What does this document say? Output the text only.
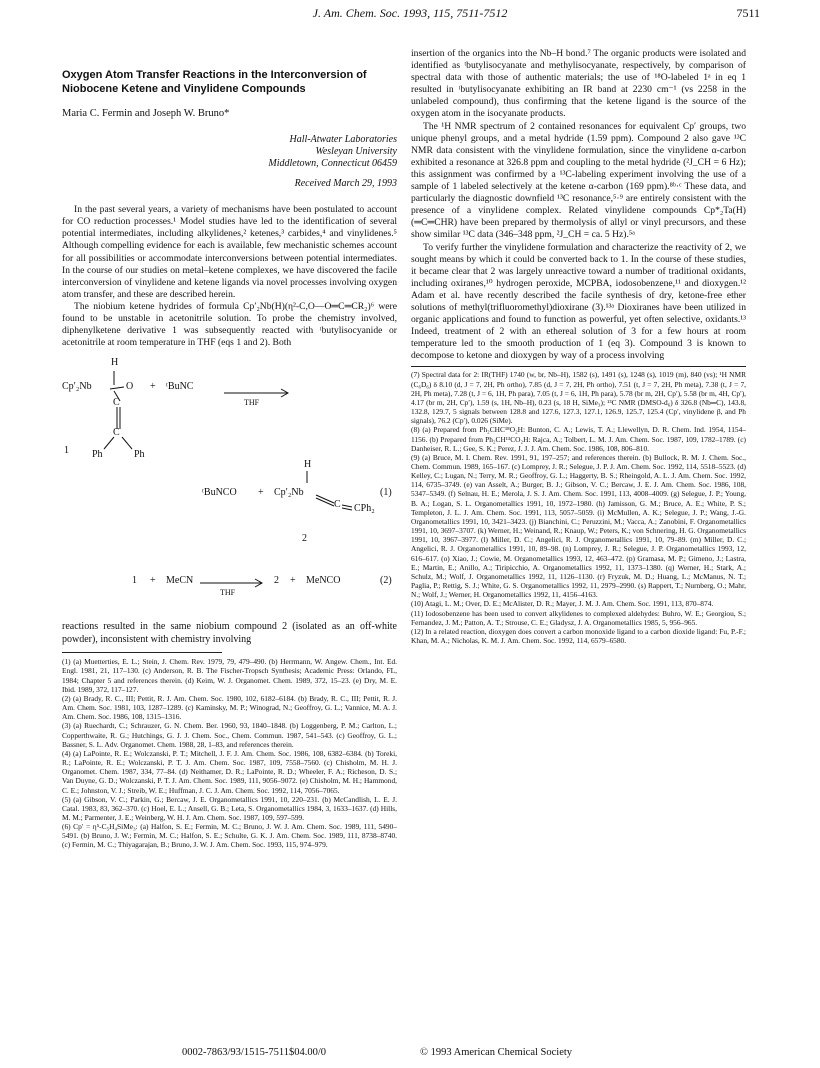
J. Am. Chem. Soc. 1993, 115, 7511-7512	7511
Oxygen Atom Transfer Reactions in the Interconversion of Niobocene Ketene and Vinylidene Compounds
Maria C. Fermin and Joseph W. Bruno*
Hall-Atwater Laboratories
Wesleyan University
Middletown, Connecticut 06459
Received March 29, 1993

In the past several years, a variety of mechanisms have been postulated to account for CO reduction processes.¹ Model studies have led to the identification of several potential intermediates, including alkylidenes,² ketenes,³ carbides,⁴ and vinylidenes.⁵ Although compelling evidence for each is available, few mechanistic schemes account for all possibilities or accommodate interconversions between potential intermediates. In the course of our studies on metal–ketene complexes, we have discovered the facile interconversion of vinylidene and ketene ligands via novel processes involving oxygen atom transfer, and these are described herein.

The niobium ketene hydrides of formula Cp′₂Nb(H)(η²-C,O—O═C═CR₂)⁶ were found to be unstable in acetonitrile solution. To probe the chemistry involved, diphenylketene derivative 1 was subsequently reacted with ᵗbutylisocyanide or acetonitrile at room temperature in THF (eqs 1 and 2). Both

H
Cp′₂Nb	O + ᵗBuNC
THF
C
C
1 Ph	Ph
H
ᵗBuNCO + Cp′₂Nb
C CPh₂
(1)
2
1 + MeCN
THF
2 + MeNCO	(2)

reactions resulted in the same niobium compound 2 (isolated as an off-white powder), inconsistent with chemistry involving

(1) (a) Muetterties, E. L.; Stein, J. Chem. Rev. 1979, 79, 479–490. (b) Herrmann, W. Angew. Chem., Int. Ed. Engl. 1981, 21, 117–130. (c) Anderson, R. B. The Fischer-Tropsch Synthesis; Academic Press: Orlando, FL, 1984; Chapter 5 and references therein. (d) Keim, W. J. Organomet. Chem. 1989, 372, 15–23. (e) Dry, M. E. Ibid. 1989, 372, 117–127.
(2) (a) Brady, R. C., III; Pettit, R. J. Am. Chem. Soc. 1980, 102, 6182–6184. (b) Brady, R. C., III; Pettit, R. J. Am. Chem. Soc. 1981, 103, 1287–1289. (c) Kaminsky, M. P.; Winograd, N.; Geoffroy, G. L.; Vannice, M. A. J. Am. Chem. Soc. 1986, 108, 1315–1316.
(3) (a) Ruechardt, C.; Schrauzer, G. N. Chem. Ber. 1960, 93, 1840–1848. (b) Loggenberg, P. M.; Carlton, L.; Copperthwaite, R. G.; Hutchings, G. J. J. Chem. Soc., Chem. Commun. 1987, 541–543. (c) Geoffroy, G. L.; Bassner, S. L. Adv. Organomet. Chem. 1988, 28, 1–83, and references therein.
(4) (a) LaPointe, R. E.; Wolczanski, P. T.; Mitchell, J. F. J. Am. Chem. Soc. 1986, 108, 6382–6384. (b) Toreki, R.; LaPointe, R. E.; Wolczanski, P. T. J. Am. Chem. Soc. 1987, 109, 7558–7560. (c) Chisholm, M. H. J. Organomet. Chem. 1987, 334, 77–84. (d) Neithamer, D. R.; LaPointe, R. D.; Wheeler, F. A.; Richeson, D. S.; Van Duyne, G. D.; Wolczanski, P. T. J. Am. Chem. Soc. 1989, 111, 9056–9072. (e) Chisholm, M. H.; Hammond, C. E.; Johnston, V. J.; Streib, W. E.; Huffman, J. C. J. Am. Chem. Soc. 1992, 114, 7056–7065.
(5) (a) Gibson, V. C.; Parkin, G.; Bercaw, J. E. Organometallics 1991, 10, 220–231. (b) McCandlish, L. E. J. Catal. 1983, 83, 362–370. (c) Hoel, E. L.; Ansell, G. B.; Leta, S. Organometallics 1984, 3, 1633–1637. (d) Hills, M. M.; Parmenter, J. E.; Weinberg, W. H. J. Am. Chem. Soc. 1987, 109, 597–599.
(6) Cp′ = η⁵-C₅H₄SiMe₃: (a) Halfon, S. E.; Fermin, M. C.; Bruno, J. W. J. Am. Chem. Soc. 1989, 111, 5490–5491. (b) Bruno, J. W.; Fermin, M. C.; Halfon, S. E.; Schulte, G. K. J. Am. Chem. Soc. 1989, 111, 8738–8740. (c) Fermin, M. C.; Thiyagarajan, B.; Bruno, J. W. J. Am. Chem. Soc. 1993, 115, 974–979.

insertion of the organics into the Nb–H bond.⁷ The organic products were isolated and identified as ᵗbutylisocyanate and methylisocyanate, respectively, by comparison of spectral data with those of authentic materials; the use of ¹⁸O-labeled 1ᵃ in eq 1 resulted in ᵗbutylisocyanate exhibiting an IR band at 2230 cm⁻¹ (vs 2258 in the unlabeled compound), thus confirming that the ketene ligand is the source of the oxygen atom in the isocyanate products.

The ¹H NMR spectrum of 2 contained resonances for equivalent Cp′ groups, two unique phenyl groups, and a metal hydride (1.59 ppm). Compound 2 also gave ¹³C NMR data consistent with the vinylidene formulation, since the vinylidene α-carbon exhibited a resonance at 326.8 ppm and coupling to the metal hydride (²J_CH = 6 Hz); this assignment was confirmed by a ¹³C-labeling experiment involving the use of a sample of 1 labeled selectively at the ketene α-carbon (169 ppm).⁸ᵇ·ᶜ These data, and particularly the diagnostic downfield ¹³C resonance,⁵·⁹ are entirely consistent with the presence of a vinylidene complex. Related vinylidene compounds Cp*₂Ta(H)(═C═CHR) have been prepared by thermolysis of allyl or vinyl precursors, and these show similar ¹³C data (346–348 ppm, ²J_CH = ca. 5 Hz).⁵ᵃ

To verify further the vinylidene formulation and characterize the reactivity of 2, we sought means by which it could be converted back to 1. In the course of these studies, it became clear that 2 was largely unreactive toward a number of traditional oxidants, including oxiranes,¹⁰ hydrogen peroxide, MCPBA, iodosobenzene,¹¹ and dioxygen.¹² Adam et al. have recently described the facile synthesis of dry, ketone-free ether solutions of methyl(trifluoromethyl)dioxirane (3).¹³ᵃ Dioxiranes have been utilized in organic applications and found to function as powerful, yet often selective, oxidants.¹³ Indeed, treatment of 2 with an ethereal solution of 3 for a few hours at room temperature led to the smooth production of 1 (eq 3). Compound 3 is known to decompose to ketone and dioxygen by way of a process involving

(7) Spectral data for 2: IR(THF) 1740 (w, br, Nb–H), 1582 (s), 1491 (s), 1248 (s), 1019 (m), 840 (vs); ¹H NMR (C₆D₆) δ 8.10 (d, J = 7, 2H, Ph ortho), 7.85 (d, J = 7, 2H, Ph ortho), 7.51 (t, J = 7, 2H, Ph meta), 7.38 (t, J = 7, 2H, Ph meta), 7.28 (t, J = 6, 1H, Ph para), 7.05 (t, J = 6, 1H, Ph para), 5.78 (br m, 2H, Cp′), 5.58 (br m, 4H, Cp′), 4.17 (br m, 2H, Cp′), 1.59 (s, 1H, Nb–H), 0.23 (s, 18 H, SiMe₃); ¹³C NMR (DMSO-d₆) δ 326.8 (Nb═C), 143.8, 132.8, 129.7, 5 signals between 128.8 and 127.6, 127.3, 127.1, 126.9, 125.7, 125.4 (Cp′, vinylidene β, and Ph signals), 76.2 (Cp′), 0.026 (SiMe).
(8) (a) Prepared from Ph₂CHC¹⁸O₂H: Bunton, C. A.; Lewis, T. A.; Llewellyn, D. R. Chem. Ind. 1954, 1154–1156. (b) Prepared from Ph₂CH¹³CO₂H: Rajca, A.; Tolbert, L. M. J. Am. Chem. Soc. 1987, 109, 1782–1789. (c) Danheiser, R. L.; Gee, S. K.; Perez, J. J. J. Am. Chem. Soc. 1986, 108, 806–810.
(9) (a) Bruce, M. I. Chem. Rev. 1991, 91, 197–257; and references therein. (b) Bullock, R. M. J. Chem. Soc., Chem. Commun. 1989, 165–167. (c) Lomprey, J. R.; Selegue, J. P. J. Am. Chem. Soc. 1992, 114, 5518–5523. (d) Kelley, C.; Lugan, N.; Terry, M. R.; Geoffroy, G. L.; Haggerty, B. S.; Rheingold, A. L. J. Am. Chem. Soc. 1992, 114, 6735–3749. (e) van Asselt, A.; Burger, B. J.; Gibson, V. C.; Bercaw, J. E. J. Am. Chem. Soc. 1986, 108, 5347–5349. (f) Selnau, H. E.; Merola, J. S. J. Am. Chem. Soc. 1991, 113, 4008–4009. (g) Selegue, J. P.; Young, B. A.; Logan, S. L. Organometallics 1991, 10, 1972–1980. (h) Jamisson, G. M.; Bruce, A. E.; White, P. S.; Templeton, J. L. J. Am. Chem. Soc. 1991, 113, 5057–5059. (i) McMullen, A. K.; Selegue, J. P.; Wang, J.-G. Organometallics 1991, 10, 3421–3423. (j) Bianchini, C.; Peruzzini, M.; Vacca, A.; Zanobini, F. Organometallics 1991, 10, 3697–3707. (k) Werner, H.; Weinand, R.; Knaup, W.; Peters, K.; von Schnering, H. G. Organometallics 1991, 10, 3967–3977. (l) Miller, D. C.; Angelici, R. J. Organometallics 1991, 10, 79–89. (m) Miller, D. C.; Angelici, R. J. Organometallics 1991, 10, 89–98. (n) Lomprey, J. R.; Selegue, J. P. Organometallics 1993, 12, 616–617. (o) Xiao, J.; Cowie, M. Organometallics 1993, 12, 463–472. (p) Gramasa, M. P.; Gimeno, J.; Lastra, E.; Martin, E.; Anillo, A.; Tiripicchio, A. Organometallics 1992, 11, 1373–1380. (q) Werner, H.; Stark, A.; Schulz, M.; Wolf, J. Organometallics 1992, 11, 1126–1130. (r) Fryzuk, M. D.; Huang, L.; McManus, N. T.; Paglia, P.; Rettig, S. J.; White, G. S. Organometallics 1992, 11, 2979–2990. (s) Rappert, T.; Nurnberg, O.; Mahr, N.; Wolf, J.; Werner, H. Organometallics 1992, 11, 4156–4163.
(10) Atagi, L. M.; Over, D. E.; McAlister, D. R.; Mayer, J. M. J. Am. Chem. Soc. 1991, 113, 870–874.
(11) Iodosobenzene has been used to convert alkylidenes to complexed aldehydes: Buhro, W. E.; Georgiou, S.; Fernandez, J. M.; Patton, A. T.; Strouse, C. E.; Gladysz, J. A. Organometallics 1985, 5, 956–965.
(12) In a related reaction, dioxygen does convert a carbon monoxide ligand to a carbon dioxide ligand: Fu, P.-F.; Khan, M. A.; Nicholas, K. M. J. Am. Chem. Soc. 1992, 114, 6579–6580.
0002-7863/93/1515-7511$04.00/0	© 1993 American Chemical Society
